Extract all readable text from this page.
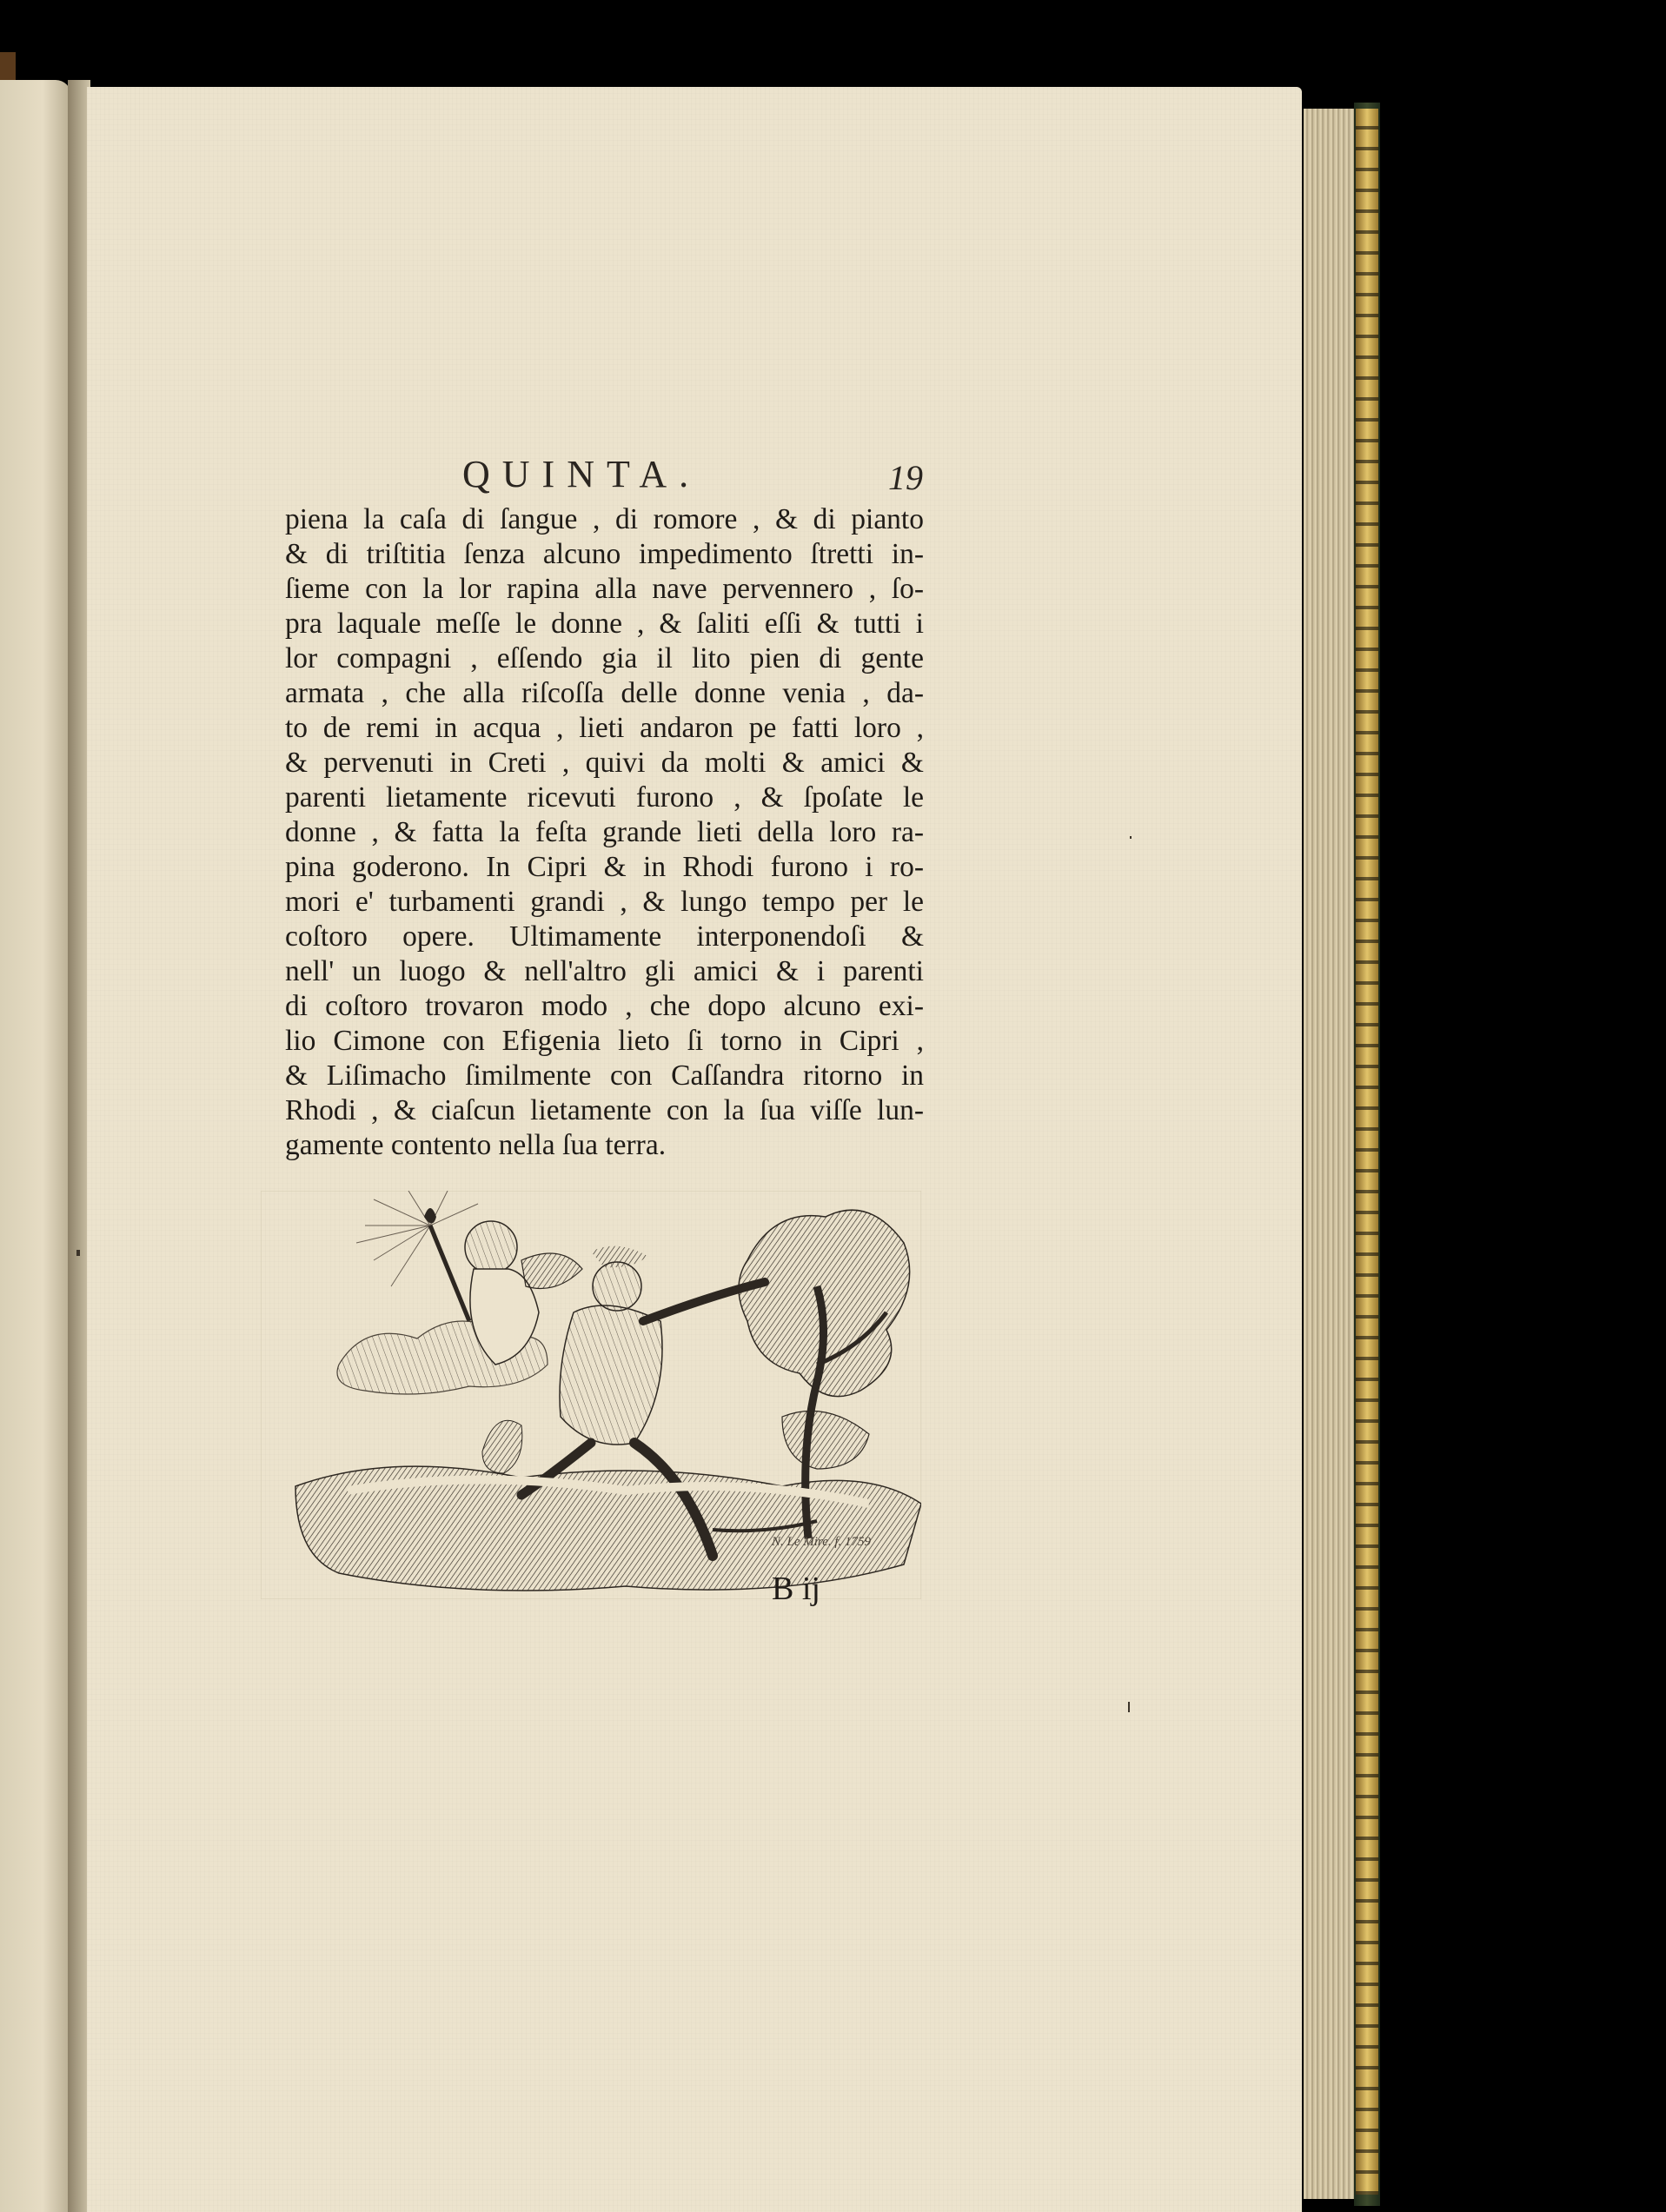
QUINTA.	19
piena la caſa di ſangue , di romore , & di pianto
& di triſtitia ſenza alcuno impedimento ſtretti in-
ſieme con la lor rapina alla nave pervennero , ſo-
pra laquale meſſe le donne , & ſaliti eſſi & tutti i
lor compagni , eſſendo gia il lito pien di gente
armata , che alla riſcoſſa delle donne venia , da-
to de remi in acqua , lieti andaron pe fatti loro ,
& pervenuti in Creti , quivi da molti & amici &
parenti lietamente ricevuti furono , & ſpoſate le
donne , & fatta la feſta grande lieti della loro ra-
pina goderono. In Cipri & in Rhodi furono i ro-
mori e' turbamenti grandi , & lungo tempo per le
coſtoro opere. Ultimamente interponendoſi &
nell' un luogo & nell'altro gli amici & i parenti
di coſtoro trovaron modo , che dopo alcuno exi-
lio Cimone con Efigenia lieto ſi torno in Cipri ,
& Liſimacho ſimilmente con Caſſandra ritorno in
Rhodi , & ciaſcun lietamente con la ſua viſſe lun-
gamente contento nella ſua terra.
N. Le Mire. f. 1759
B ij
